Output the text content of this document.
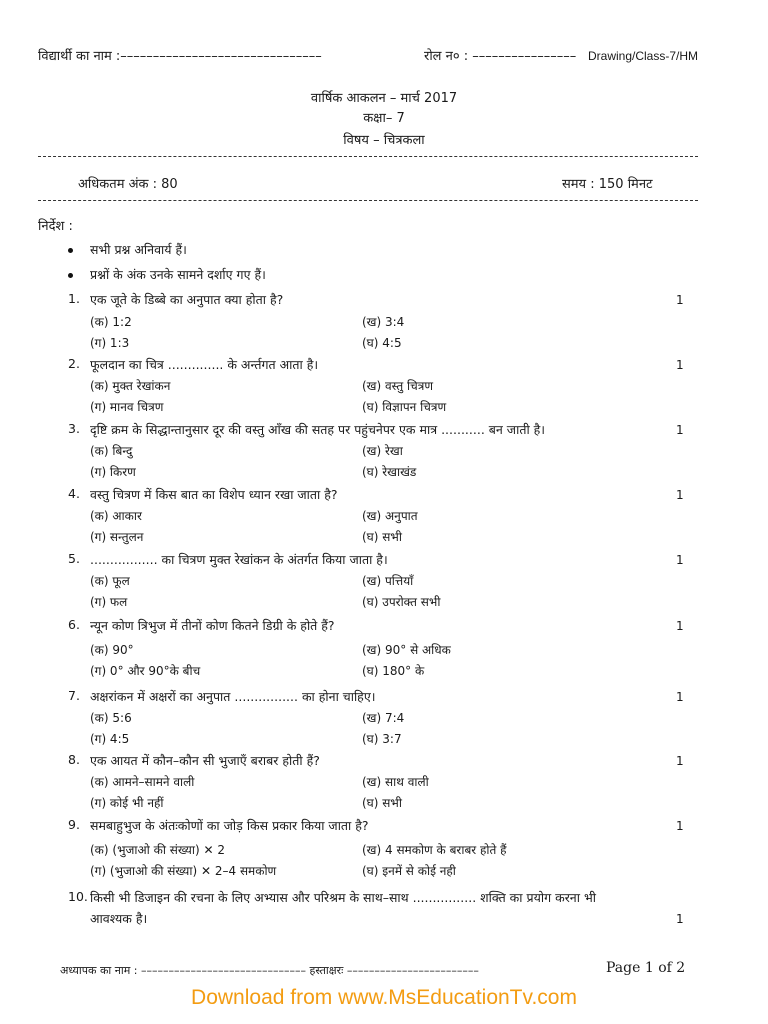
विद्यार्थी का नाम :–––––––––––––––––––––––––––––––	रोल न० : –––––––––––––––– Drawing/Class-7/HM
वार्षिक आकलन – मार्च 2017
कक्षा– 7
विषय – चित्रकला
अधिकतम अंक : 80	समय : 150 मिनट
निर्देश :
सभी प्रश्न अनिवार्य हैं।
प्रश्नों के अंक उनके सामने दर्शाए गए हैं।
1. एक जूते के डिब्बे का अनुपात क्या होता है?	1
(क) 1:2	(ख) 3:4
(ग) 1:3	(घ) 4:5
2. फूलदान का चित्र .............. के अर्न्तगत आता है।	1
(क) मुक्त रेखांकन	(ख) वस्तु चित्रण
(ग) मानव चित्रण	(घ) विज्ञापन चित्रण
3. दृष्टि क्रम के सिद्धान्तानुसार दूर की वस्तु आँख की सतह पर पहुंचनेपर एक मात्र ........... बन जाती है।	1
(क) बिन्दु	(ख) रेखा
(ग) किरण	(घ) रेखाखंड
4. वस्तु चित्रण में किस बात का विशेप ध्यान रखा जाता है?	1
(क) आकार	(ख) अनुपात
(ग) सन्तुलन	(घ) सभी
5. ................. का चित्रण मुक्त रेखांकन के अंतर्गत किया जाता है।	1
(क) फूल	(ख) पत्तियाँ
(ग) फल	(घ) उपरोक्त सभी
6. न्यून कोण त्रिभुज में तीनों कोण कितने डिग्री के होते हैं?	1
(क) 90°	(ख) 90° से अधिक
(ग) 0° और 90°के बीच	(घ) 180° के
7. अक्षरांकन में अक्षरों का अनुपात ................ का होना चाहिए।	1
(क) 5:6	(ख) 7:4
(ग) 4:5	(घ) 3:7
8. एक आयत में कौन–कौन सी भुजाएँ बराबर होती हैं?	1
(क) आमने–सामने वाली	(ख) साथ वाली
(ग) कोई भी नहीं	(घ) सभी
9. समबाहुभुज के अंतःकोणों का जोड़ किस प्रकार किया जाता है?	1
(क) (भुजाओ की संख्या) ✕ 2	(ख) 4 समकोण के बराबर होते हैं
(ग) (भुजाओ की संख्या) ✕ 2–4 समकोण	(घ) इनमें से कोई नही
10. किसी भी डिजाइन की रचना के लिए अभ्यास और परिश्रम के साथ–साथ ................ शक्ति का प्रयोग करना भी
आवश्यक है।	1
अध्यापक का नाम : –––––––––––––––––––––––––––––– हस्ताक्षरः ––––––––––––––––––––––––	Page 1 of 2
Download from www.MsEducationTv.com
